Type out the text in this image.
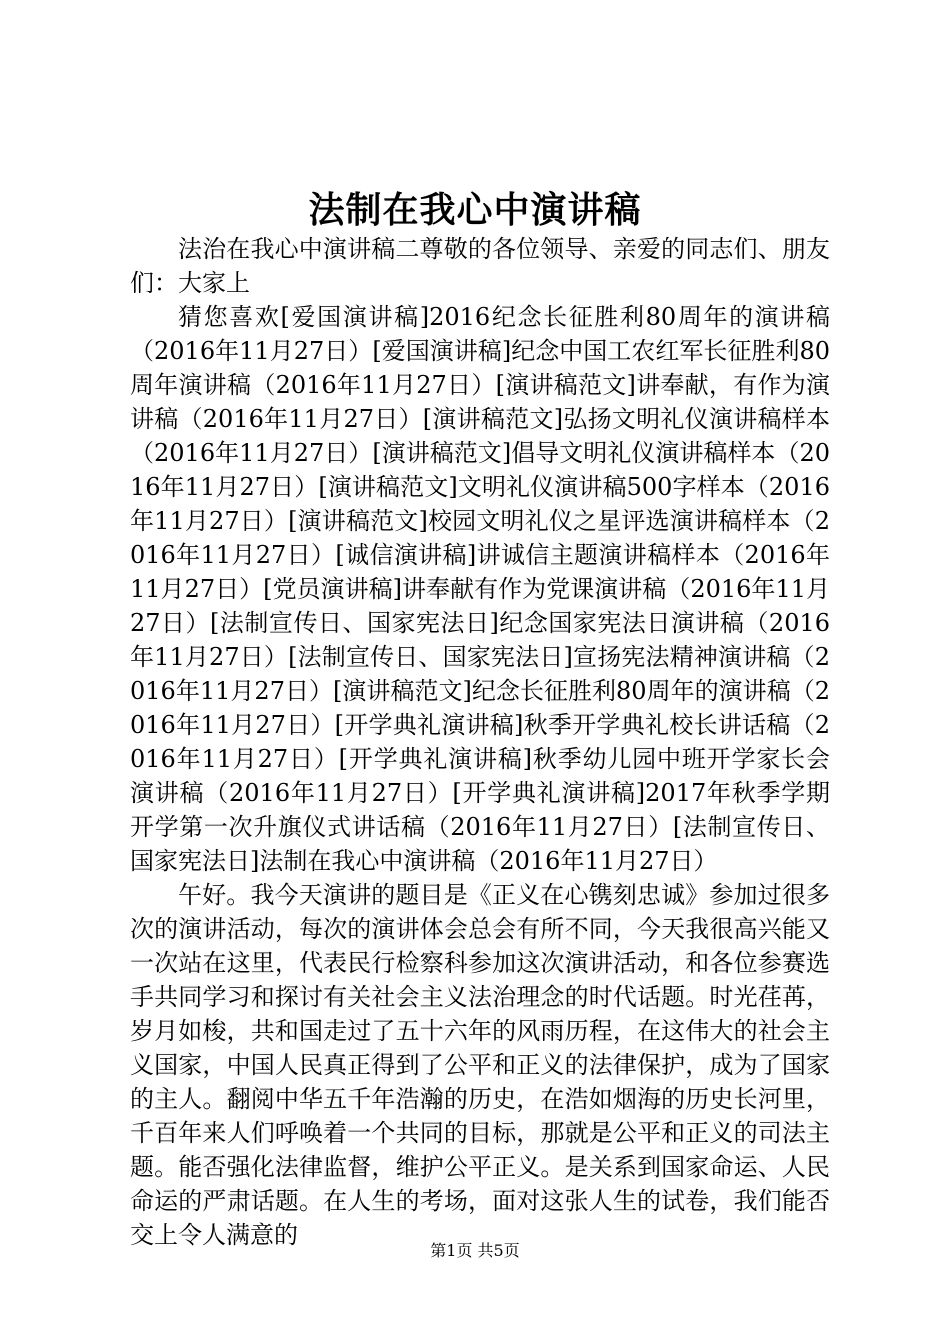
法制在我心中演讲稿

法治在我心中演讲稿二尊敬的各位领导、亲爱的同志们、朋友们：大家上

猜您喜欢[爱国演讲稿]2016纪念长征胜利80周年的演讲稿（2016年11月27日）[爱国演讲稿]纪念中国工农红军长征胜利80周年演讲稿（2016年11月27日）[演讲稿范文]讲奉献，有作为演讲稿（2016年11月27日）[演讲稿范文]弘扬文明礼仪演讲稿样本（2016年11月27日）[演讲稿范文]倡导文明礼仪演讲稿样本（2016年11月27日）[演讲稿范文]文明礼仪演讲稿500字样本（2016年11月27日）[演讲稿范文]校园文明礼仪之星评选演讲稿样本（2016年11月27日）[诚信演讲稿]讲诚信主题演讲稿样本（2016年11月27日）[党员演讲稿]讲奉献有作为党课演讲稿（2016年11月27日）[法制宣传日、国家宪法日]纪念国家宪法日演讲稿（2016年11月27日）[法制宣传日、国家宪法日]宣扬宪法精神演讲稿（2016年11月27日）[演讲稿范文]纪念长征胜利80周年的演讲稿（2016年11月27日）[开学典礼演讲稿]秋季开学典礼校长讲话稿（2016年11月27日）[开学典礼演讲稿]秋季幼儿园中班开学家长会演讲稿（2016年11月27日）[开学典礼演讲稿]2017年秋季学期开学第一次升旗仪式讲话稿（2016年11月27日）[法制宣传日、国家宪法日]法制在我心中演讲稿（2016年11月27日）

午好。我今天演讲的题目是《正义在心镌刻忠诚》参加过很多次的演讲活动，每次的演讲体会总会有所不同，今天我很高兴能又一次站在这里，代表民行检察科参加这次演讲活动，和各位参赛选手共同学习和探讨有关社会主义法治理念的时代话题。时光荏苒，岁月如梭，共和国走过了五十六年的风雨历程，在这伟大的社会主义国家，中国人民真正得到了公平和正义的法律保护，成为了国家的主人。翻阅中华五千年浩瀚的历史，在浩如烟海的历史长河里，千百年来人们呼唤着一个共同的目标，那就是公平和正义的司法主题。能否强化法律监督，维护公平正义。是关系到国家命运、人民命运的严肃话题。在人生的考场，面对这张人生的试卷，我们能否交上令人满意的

第1页 共5页
